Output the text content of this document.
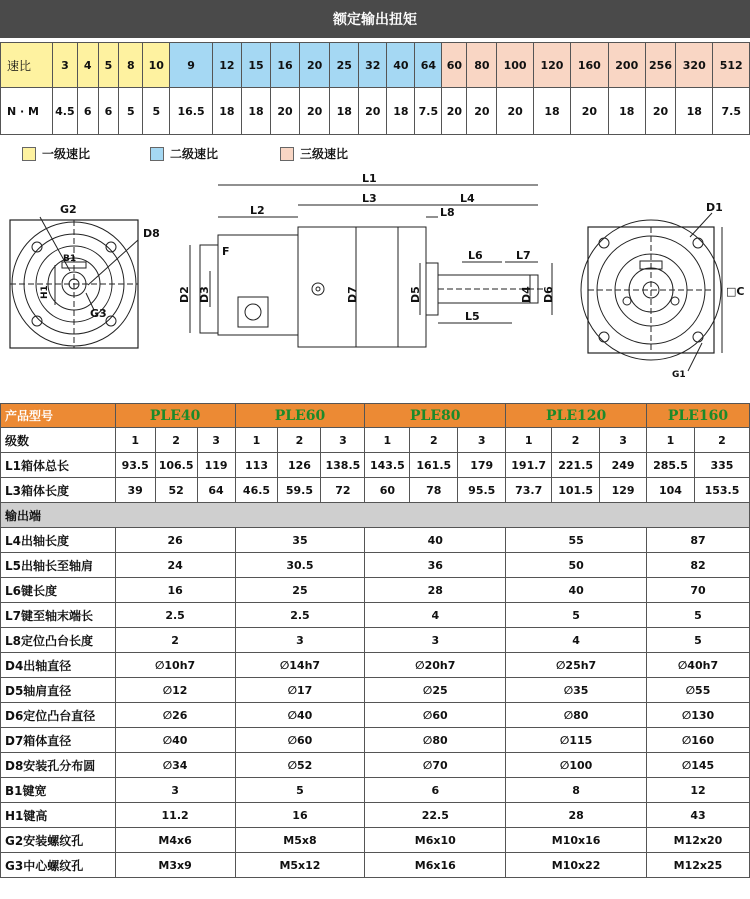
额定输出扭矩
速比	3	4	5	8	10	9	12	15	16	20	25	32	40	64	60	80	100	120	160	200	256	320	512
N · M	4.5	6	6	5	5	16.5	18	18	20	20	18	20	18	7.5	20	20	20	18	20	18	20	18	7.5
一级速比	二级速比	三级速比
G2
D8
B1
H1
G3
L1
L3
L2
L4
L8
F
D2 D3	D7	D5
L6	L7
D4
L5
D6
D1
□C
G1
产品型号	PLE40			PLE60			PLE80			PLE120			PLE160	
级数	1	2	3	1	2	3	1	2	3	1	2	3	1	2
L1箱体总长	93.5	106.5	119	113	126	138.5	143.5	161.5	179	191.7	221.5	249	285.5	335
L3箱体长度	39	52	64	46.5	59.5	72	60	78	95.5	73.7	101.5	129	104	153.5
输出端														
L4出轴长度	26			35			40			55			87	
L5出轴长至轴肩	24			30.5			36			50			82	
L6键长度	16			25			28			40			70	
L7键至轴末端长	2.5			2.5			4			5			5	
L8定位凸台长度	2			3			3			4			5	
D4出轴直径	∅10h7			∅14h7			∅20h7			∅25h7			∅40h7	
D5轴肩直径	∅12			∅17			∅25			∅35			∅55	
D6定位凸台直径	∅26			∅40			∅60			∅80			∅130	
D7箱体直径	∅40			∅60			∅80			∅115			∅160	
D8安装孔分布圆	∅34			∅52			∅70			∅100			∅145	
B1键宽	3			5			6			8			12	
H1键高	11.2			16			22.5			28			43	
G2安装螺纹孔	M4x6			M5x8			M6x10			M10x16			M12x20	
G3中心螺纹孔	M3x9			M5x12			M6x16			M10x22			M12x25	
